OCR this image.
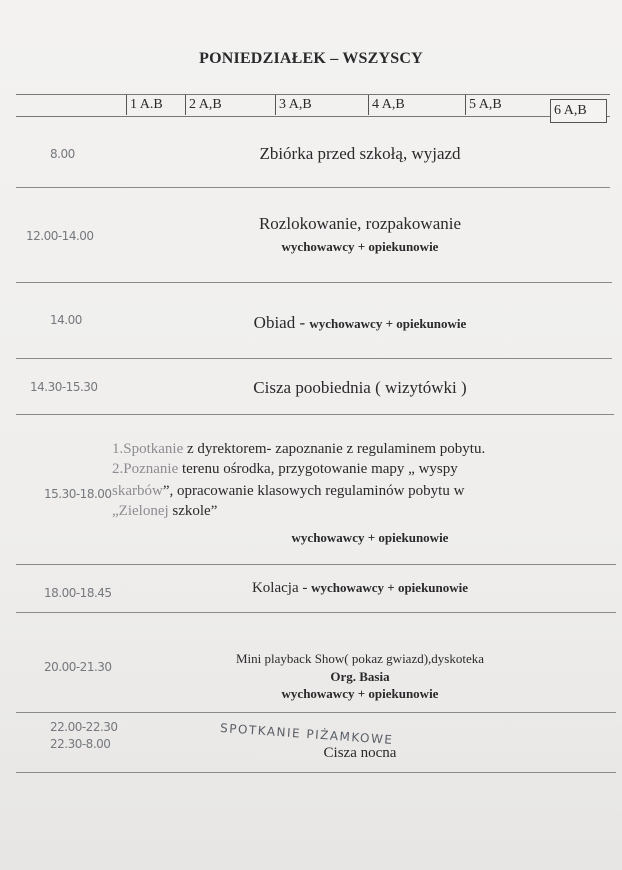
PONIEDZIAŁEK – WSZYSCY
1 A.B 2 A,B	3 A,B	4 A,B	5 A,B	6 A,B
8.00	Zbiórka przed szkołą, wyjazd
12.00-14.00
Rozlokowanie, rozpakowanie
wychowawcy + opiekunowie
14.00	Obiad - wychowawcy + opiekunowie
14.30-15.30	Cisza poobiednia ( wizytówki )
15.30-18.00
1.Spotkanie z dyrektorem- zapoznanie z regulaminem pobytu.
2.Poznanie terenu ośrodka, przygotowanie mapy „ wyspy
skarbów”, opracowanie klasowych regulaminów pobytu w
„Zielonej szkole”
wychowawcy + opiekunowie
18.00-18.45	Kolacja - wychowawcy + opiekunowie
20.00-21.30
Mini playback Show( pokaz gwiazd),dyskoteka
Org. Basia
wychowawcy + opiekunowie
22.00-22.30
22.30-8.00	SPOTKANIE PIŻAMKOWE
Cisza nocna
